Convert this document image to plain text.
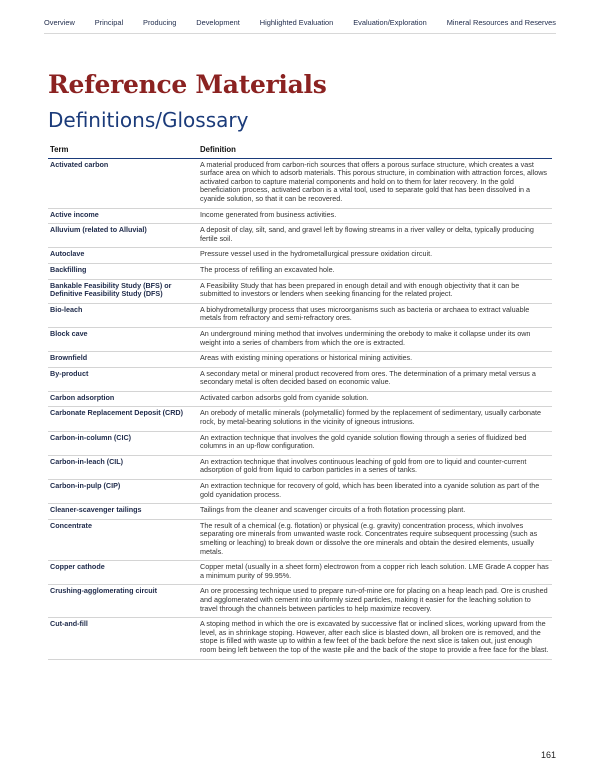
Overview	Principal	Producing	Development	Highlighted Evaluation	Evaluation/Exploration	Mineral Resources and Reserves
Reference Materials
Definitions/Glossary
Term	Definition
Activated carbon	A material produced from carbon-rich sources that offers a porous surface structure, which creates a vast surface area on which to adsorb materials. This porous structure, in combination with attraction forces, allows activated carbon to capture material components and hold on to them for later recovery. In the gold beneficiation process, activated carbon is a vital tool, used to separate gold that has been dissolved in a cyanide solution, so that it can be recovered.
Active income	Income generated from business activities.
Alluvium (related to Alluvial)	A deposit of clay, silt, sand, and gravel left by flowing streams in a river valley or delta, typically producing fertile soil.
Autoclave	Pressure vessel used in the hydrometallurgical pressure oxidation circuit.
Backfilling	The process of refilling an excavated hole.
Bankable Feasibility Study (BFS) or Definitive Feasibility Study (DFS)	A Feasibility Study that has been prepared in enough detail and with enough objectivity that it can be submitted to investors or lenders when seeking financing for the related project.
Bio-leach	A biohydrometallurgy process that uses microorganisms such as bacteria or archaea to extract valuable metals from refractory and semi-refractory ores.
Block cave	An underground mining method that involves undermining the orebody to make it collapse under its own weight into a series of chambers from which the ore is extracted.
Brownfield	Areas with existing mining operations or historical mining activities.
By-product	A secondary metal or mineral product recovered from ores. The determination of a primary metal versus a secondary metal is often decided based on economic value.
Carbon adsorption	Activated carbon adsorbs gold from cyanide solution.
Carbonate Replacement Deposit (CRD)	An orebody of metallic minerals (polymetallic) formed by the replacement of sedimentary, usually carbonate rock, by metal-bearing solutions in the vicinity of igneous intrusions.
Carbon-in-column (CIC)	An extraction technique that involves the gold cyanide solution flowing through a series of fluidized bed columns in an up-flow configuration.
Carbon-in-leach (CIL)	An extraction technique that involves continuous leaching of gold from ore to liquid and counter-current adsorption of gold from liquid to carbon particles in a series of tanks.
Carbon-in-pulp (CIP)	An extraction technique for recovery of gold, which has been liberated into a cyanide solution as part of the gold cyanidation process.
Cleaner-scavenger tailings	Tailings from the cleaner and scavenger circuits of a froth flotation processing plant.
Concentrate	The result of a chemical (e.g. flotation) or physical (e.g. gravity) concentration process, which involves separating ore minerals from unwanted waste rock. Concentrates require subsequent processing (such as smelting or leaching) to break down or dissolve the ore minerals and obtain the desired elements, usually metals.
Copper cathode	Copper metal (usually in a sheet form) electrowon from a copper rich leach solution. LME Grade A copper has a minimum purity of 99.95%.
Crushing-agglomerating circuit	An ore processing technique used to prepare run-of-mine ore for placing on a heap leach pad. Ore is crushed and agglomerated with cement into uniformly sized particles, making it easier for the leaching solution to travel through the channels between particles to help maximize recovery.
Cut-and-fill	A stoping method in which the ore is excavated by successive flat or inclined slices, working upward from the level, as in shrinkage stoping. However, after each slice is blasted down, all broken ore is removed, and the stope is filled with waste up to within a few feet of the back before the next slice is taken out, just enough room being left between the top of the waste pile and the back of the stope to provide a free face for the blast.
161
